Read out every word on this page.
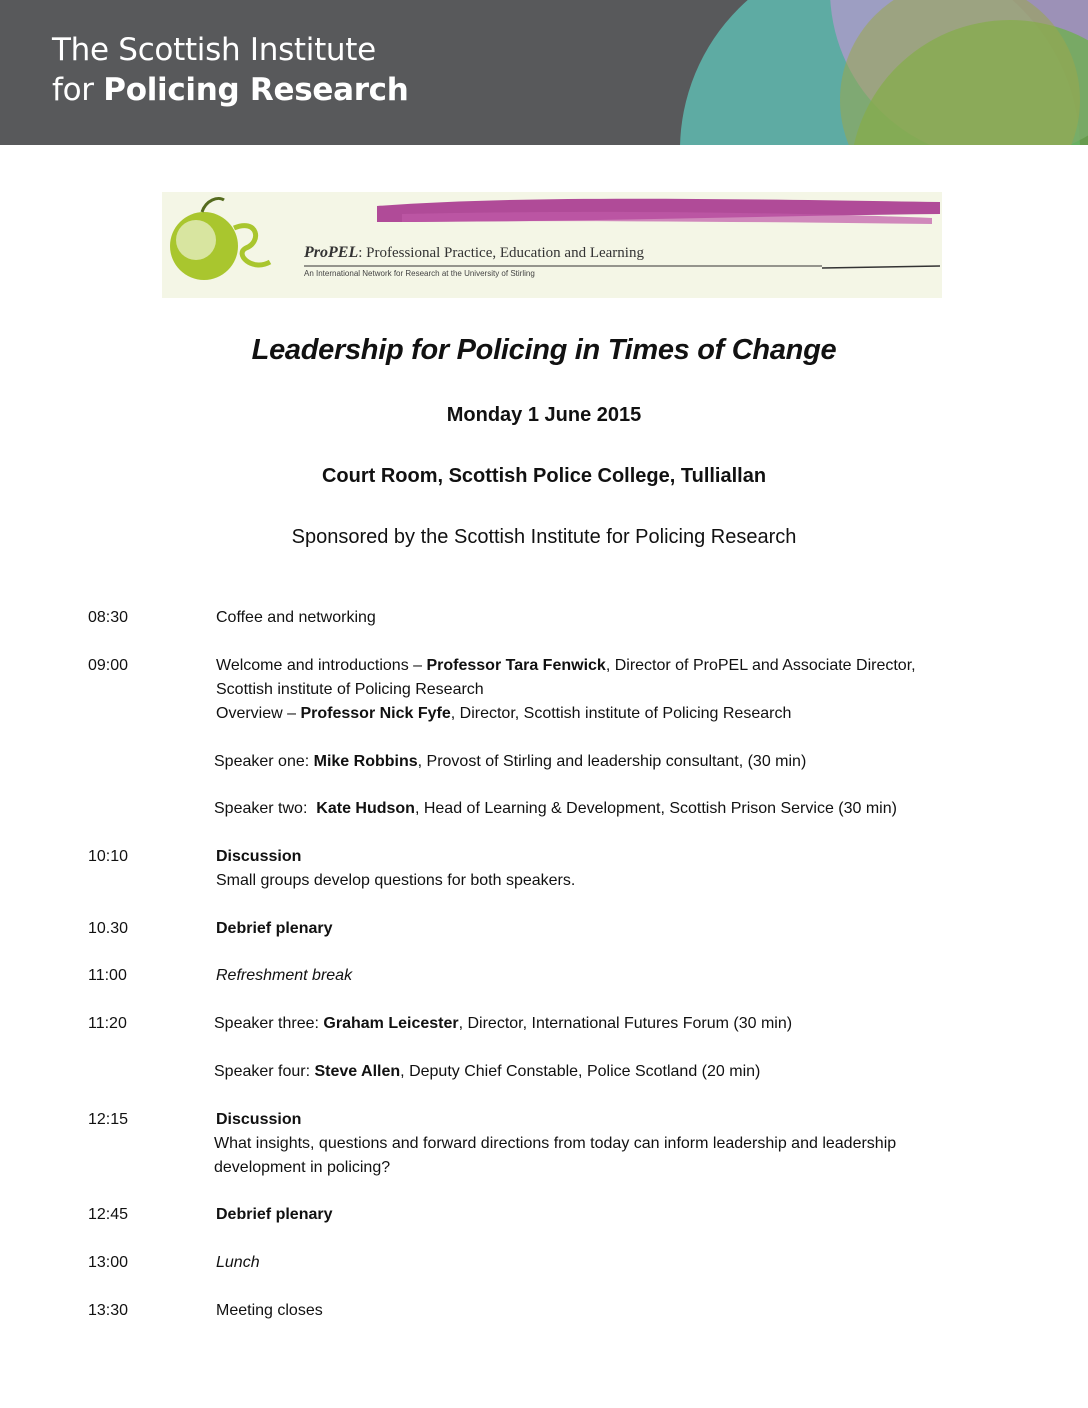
The Scottish Institute
for Policing Research
ProPEL: Professional Practice, Education and Learning
An International Network for Research at the University of Stirling
Leadership for Policing in Times of Change
Monday 1 June 2015
Court Room, Scottish Police College, Tulliallan
Sponsored by the Scottish Institute for Policing Research
08:30	Coffee and networking
09:00	Welcome and introductions – Professor Tara Fenwick, Director of ProPEL and Associate Director,
Scottish institute of Policing Research
Overview – Professor Nick Fyfe, Director, Scottish institute of Policing Research
Speaker one: Mike Robbins, Provost of Stirling and leadership consultant, (30 min)
Speaker two:  Kate Hudson, Head of Learning & Development, Scottish Prison Service (30 min)
10:10	Discussion
Small groups develop questions for both speakers.
10.30	Debrief plenary
11:00	Refreshment break
11:20	Speaker three: Graham Leicester, Director, International Futures Forum (30 min)
Speaker four: Steve Allen, Deputy Chief Constable, Police Scotland (20 min)
12:15	Discussion
What insights, questions and forward directions from today can inform leadership and leadership
development in policing?
12:45	Debrief plenary
13:00	Lunch
13:30	Meeting closes
